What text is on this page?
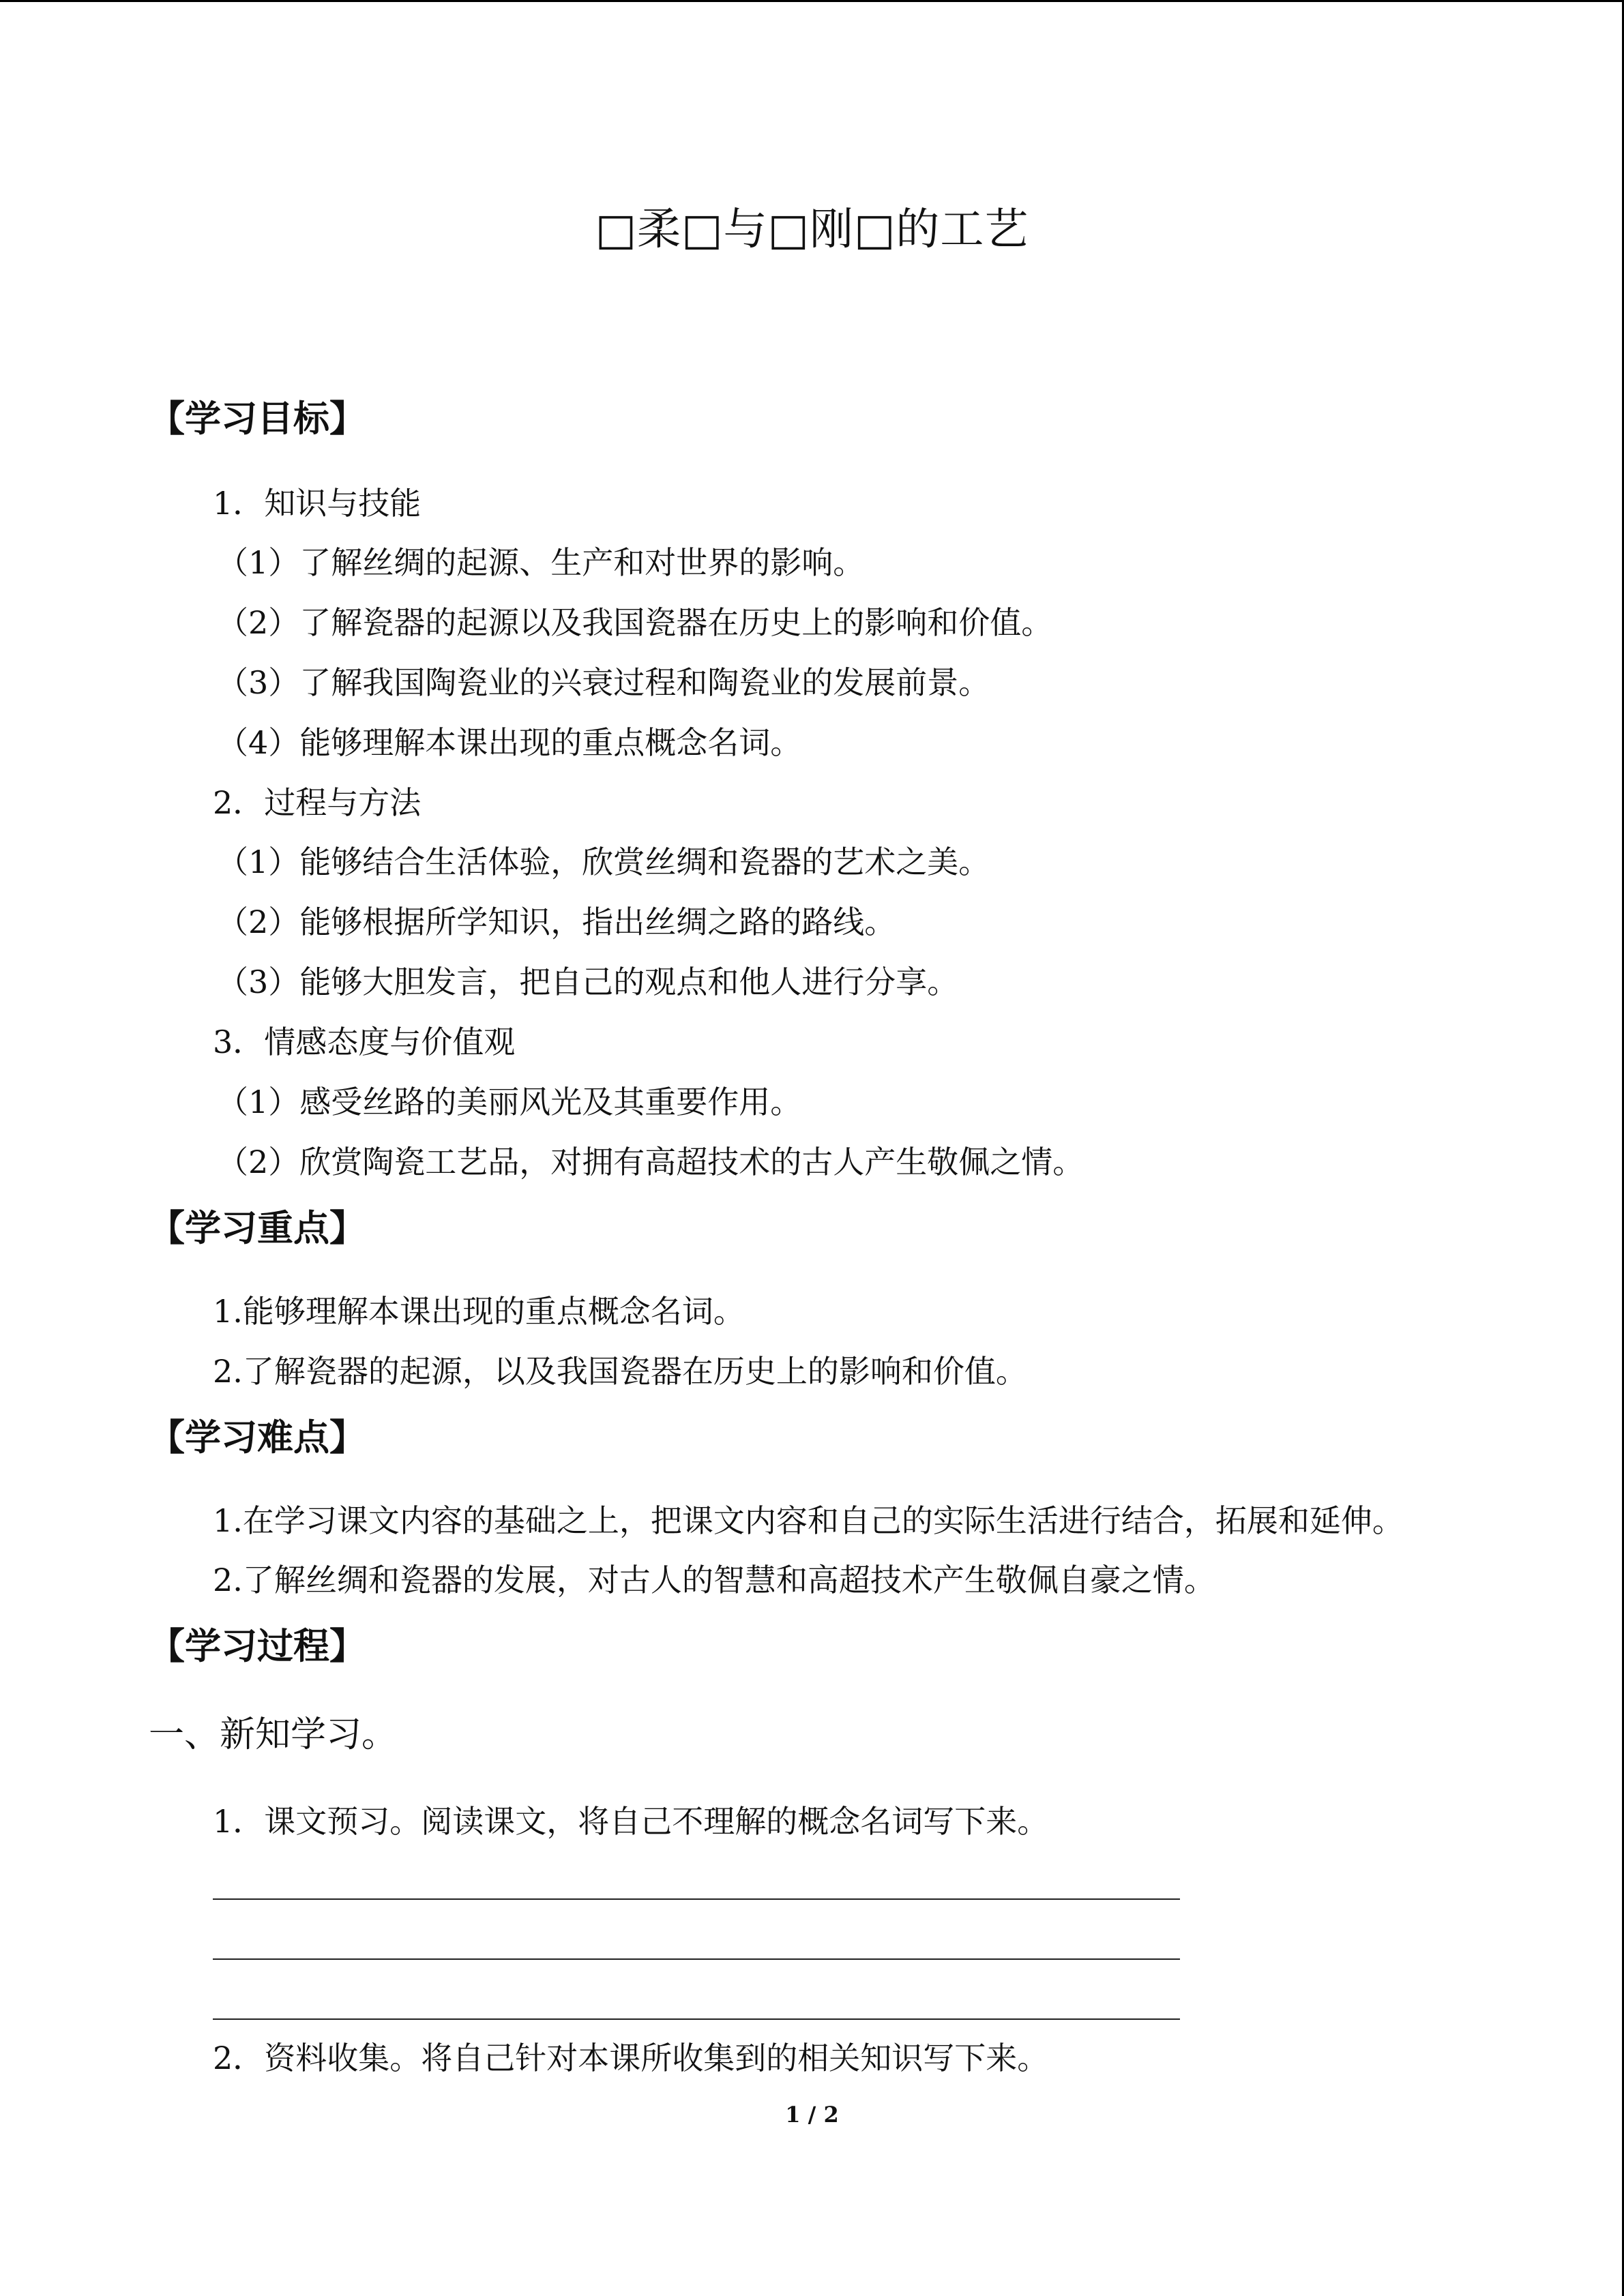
□柔□与□刚□的工艺
【学习目标】
1．知识与技能
（1）了解丝绸的起源、生产和对世界的影响。
（2）了解瓷器的起源以及我国瓷器在历史上的影响和价值。
（3）了解我国陶瓷业的兴衰过程和陶瓷业的发展前景。
（4）能够理解本课出现的重点概念名词。
2．过程与方法
（1）能够结合生活体验，欣赏丝绸和瓷器的艺术之美。
（2）能够根据所学知识，指出丝绸之路的路线。
（3）能够大胆发言，把自己的观点和他人进行分享。
3．情感态度与价值观
（1）感受丝路的美丽风光及其重要作用。
（2）欣赏陶瓷工艺品，对拥有高超技术的古人产生敬佩之情。
【学习重点】
1.能够理解本课出现的重点概念名词。
2.了解瓷器的起源，以及我国瓷器在历史上的影响和价值。
【学习难点】
1.在学习课文内容的基础之上，把课文内容和自己的实际生活进行结合，拓展和延伸。
2.了解丝绸和瓷器的发展，对古人的智慧和高超技术产生敬佩自豪之情。
【学习过程】
一、新知学习。
1．课文预习。阅读课文，将自己不理解的概念名词写下来。
2．资料收集。将自己针对本课所收集到的相关知识写下来。
1 / 2
